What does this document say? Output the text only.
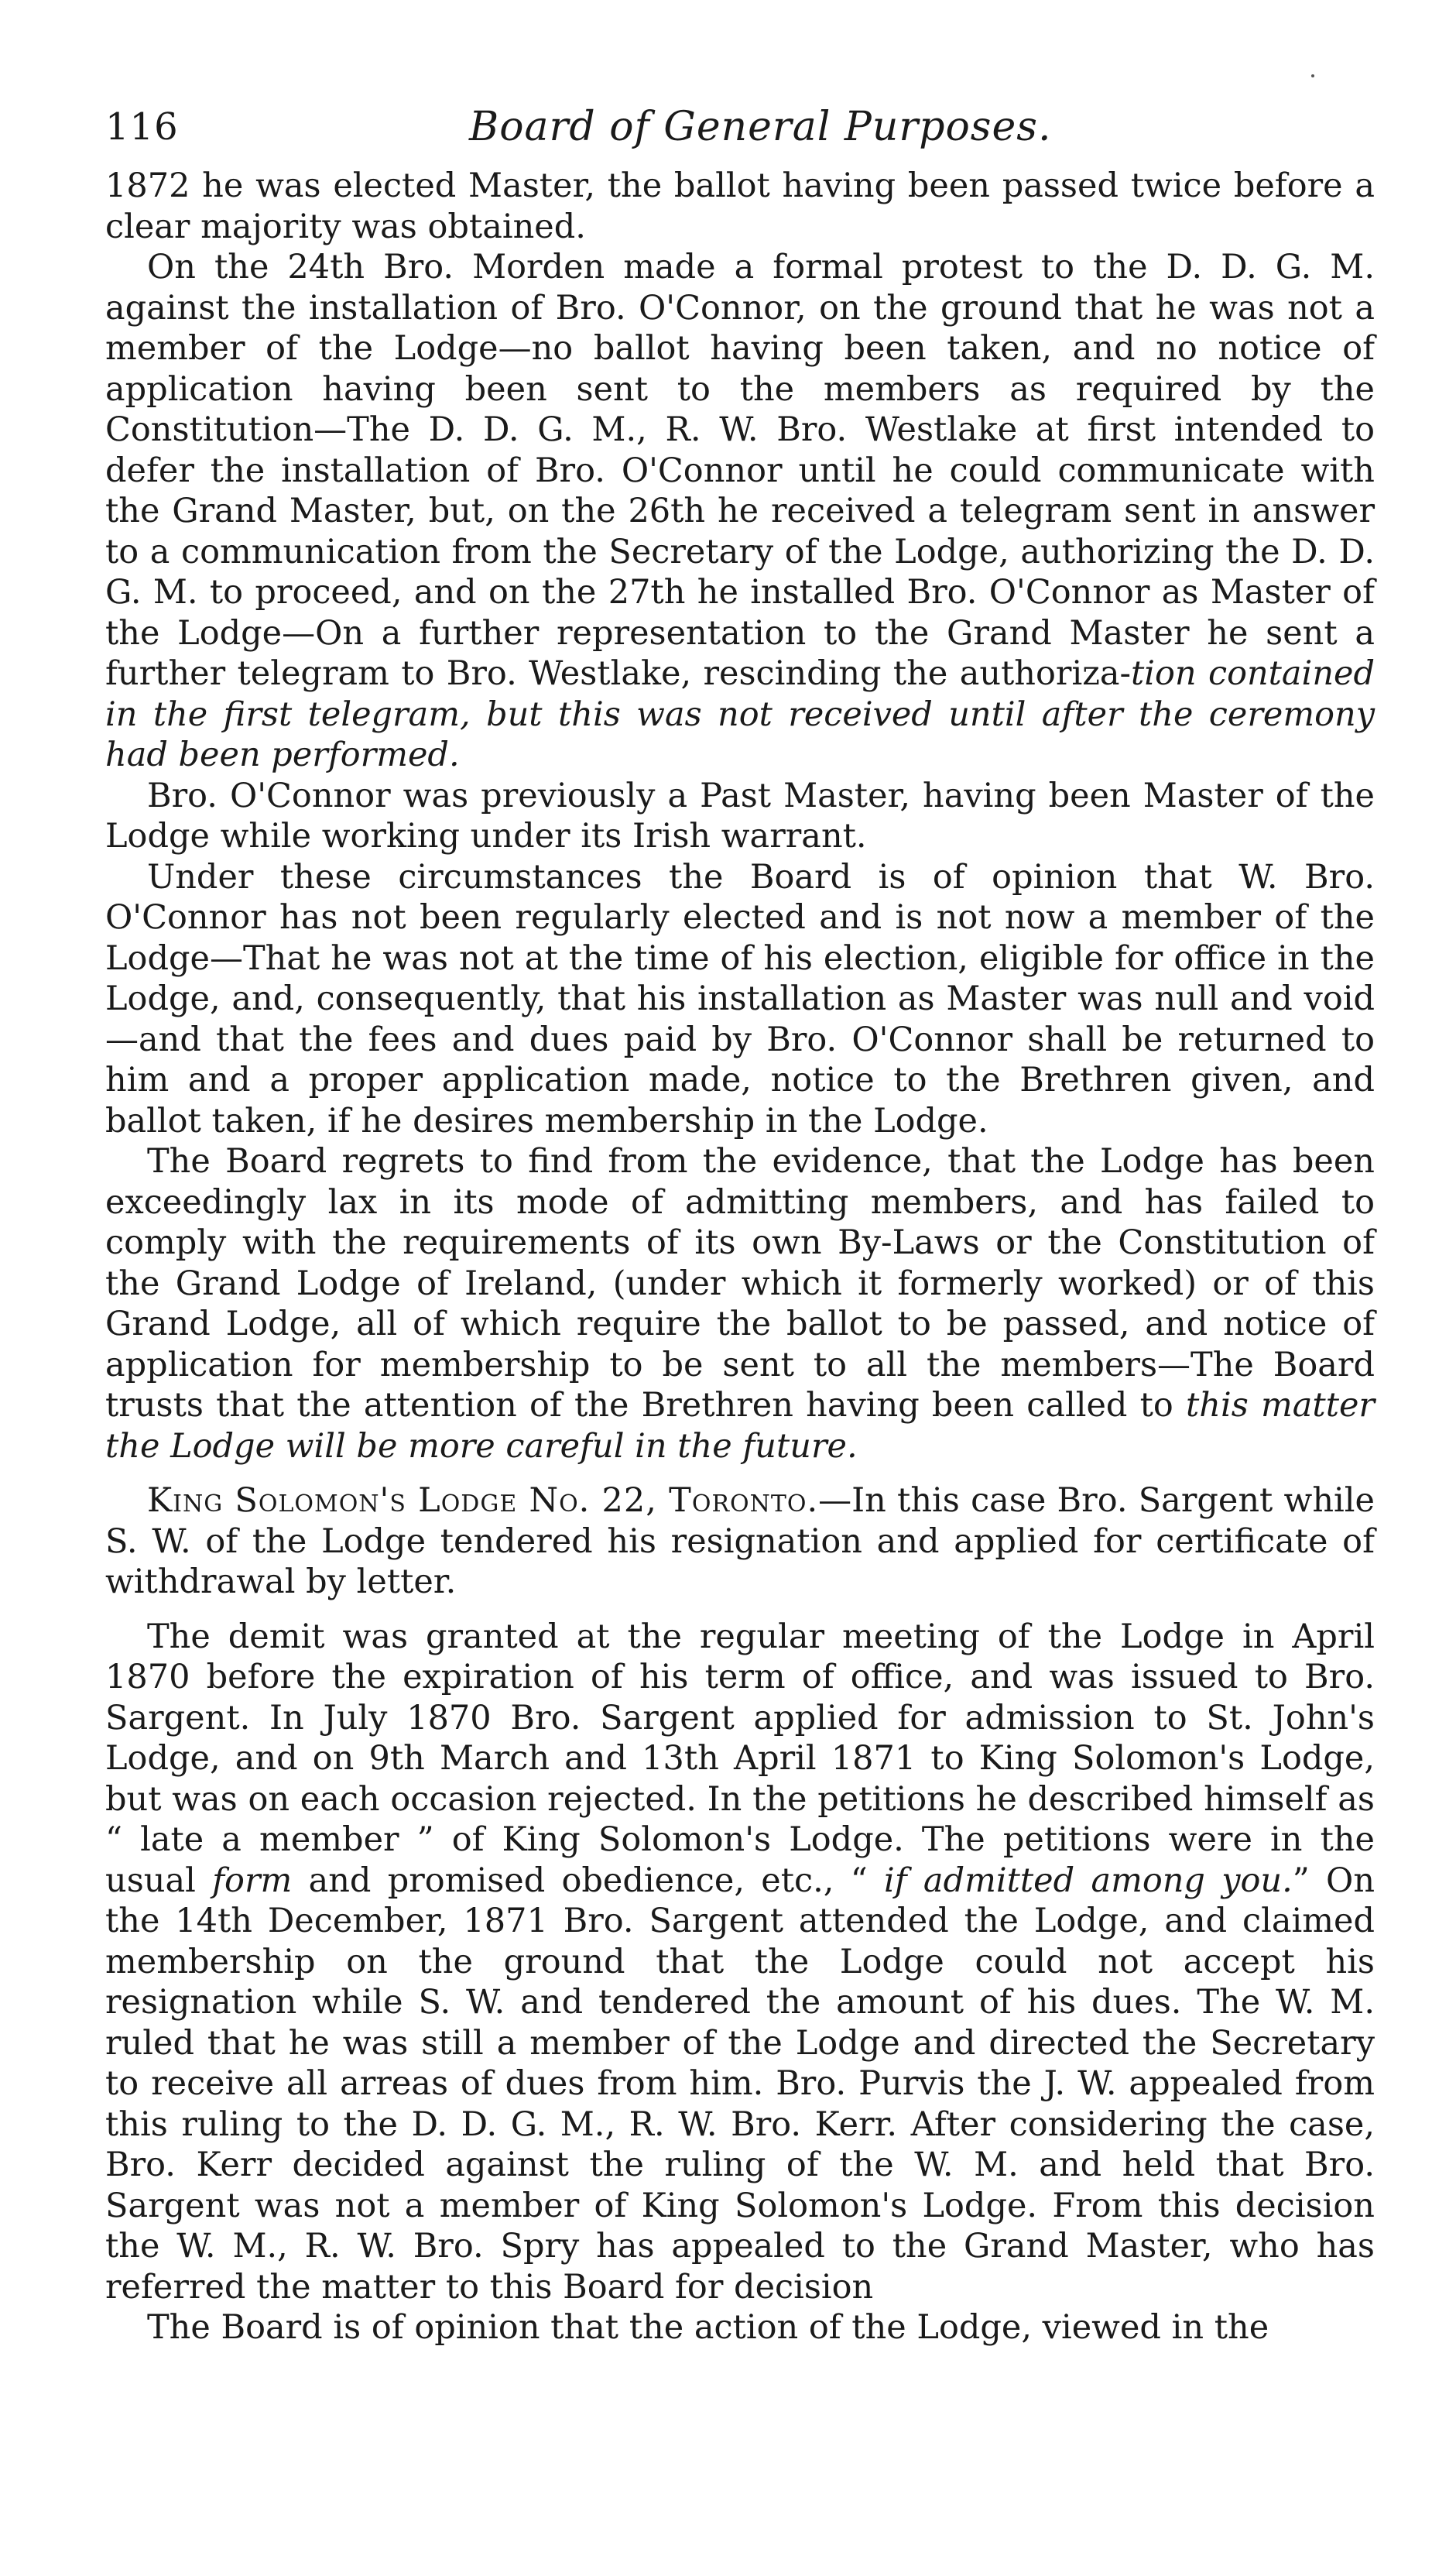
116	Board of General Purposes.

1872 he was elected Master, the ballot having been passed twice before a clear majority was obtained.

On the 24th Bro. Morden made a formal protest to the D. D. G. M. against the installation of Bro. O'Connor, on the ground that he was not a member of the Lodge—no ballot having been taken, and no notice of application having been sent to the members as required by the Constitution—The D. D. G. M., R. W. Bro. Westlake at first intended to defer the installation of Bro. O'Connor until he could communicate with the Grand Master, but, on the 26th he received a telegram sent in answer to a communication from the Secretary of the Lodge, authorizing the D. D. G. M. to proceed, and on the 27th he installed Bro. O'Connor as Master of the Lodge—On a further representation to the Grand Master he sent a further telegram to Bro. Westlake, rescinding the authoriza-tion contained in the first telegram, but this was not received until after the ceremony had been performed.

Bro. O'Connor was previously a Past Master, having been Master of the Lodge while working under its Irish warrant.

Under these circumstances the Board is of opinion that W. Bro. O'Connor has not been regularly elected and is not now a member of the Lodge—That he was not at the time of his election, eligible for office in the Lodge, and, consequently, that his installation as Master was null and void—and that the fees and dues paid by Bro. O'Connor shall be returned to him and a proper application made, notice to the Brethren given, and ballot taken, if he desires membership in the Lodge.

The Board regrets to find from the evidence, that the Lodge has been exceedingly lax in its mode of admitting members, and has failed to comply with the requirements of its own By-Laws or the Constitution of the Grand Lodge of Ireland, (under which it formerly worked) or of this Grand Lodge, all of which require the ballot to be passed, and notice of application for membership to be sent to all the members—The Board trusts that the attention of the Brethren having been called to this matter the Lodge will be more careful in the future.

King Solomon's Lodge No. 22, Toronto.—In this case Bro. Sargent while S. W. of the Lodge tendered his resignation and applied for certificate of withdrawal by letter.

The demit was granted at the regular meeting of the Lodge in April 1870 before the expiration of his term of office, and was issued to Bro. Sargent. In July 1870 Bro. Sargent applied for admission to St. John's Lodge, and on 9th March and 13th April 1871 to King Solomon's Lodge, but was on each occasion rejected. In the petitions he described himself as “ late a member ” of King Solomon's Lodge. The petitions were in the usual form and promised obedience, etc., “ if admitted among you.” On the 14th December, 1871 Bro. Sargent attended the Lodge, and claimed membership on the ground that the Lodge could not accept his resignation while S. W. and tendered the amount of his dues. The W. M. ruled that he was still a member of the Lodge and directed the Secretary to receive all arreas of dues from him. Bro. Purvis the J. W. appealed from this ruling to the D. D. G. M., R. W. Bro. Kerr. After considering the case, Bro. Kerr decided against the ruling of the W. M. and held that Bro. Sargent was not a member of King Solomon's Lodge. From this decision the W. M., R. W. Bro. Spry has appealed to the Grand Master, who has referred the matter to this Board for decision

The Board is of opinion that the action of the Lodge, viewed in the
